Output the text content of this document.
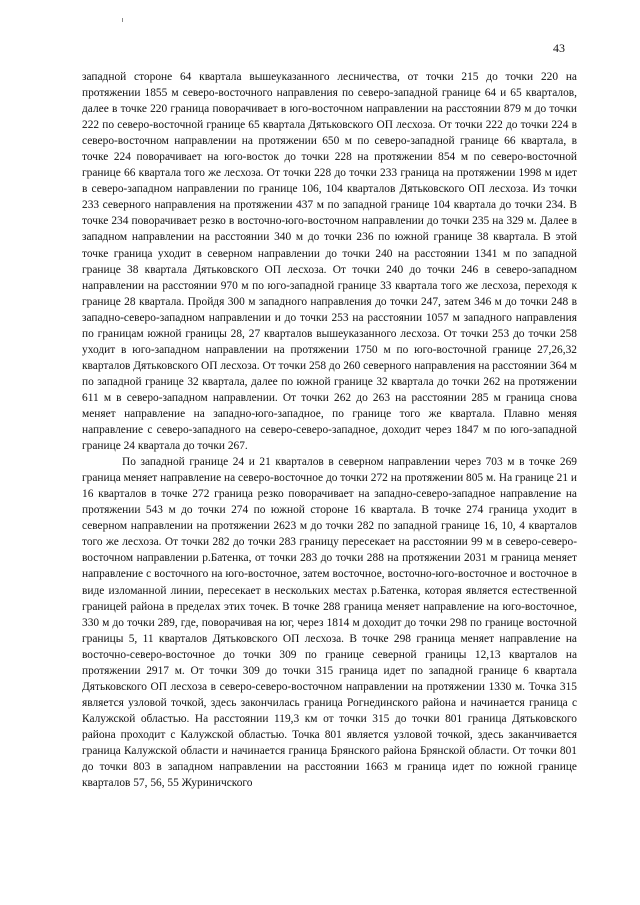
43

западной стороне 64 квартала вышеуказанного лесничества, от точки 215 до точки 220 на протяжении 1855 м северо-восточного направления по северо-западной границе 64 и 65 кварталов, далее в точке 220 граница поворачивает в юго-восточном направлении на расстоянии 879 м до точки 222 по северо-восточной границе 65 квартала Дятьковского ОП лесхоза. От точки 222 до точки 224 в северо-восточном направлении на протяжении 650 м по северо-западной границе 66 квартала, в точке 224 поворачивает на юго-восток до точки 228 на протяжении 854 м по северо-восточной границе 66 квартала того же лесхоза. От точки 228 до точки 233 граница на протяжении 1998 м идет в северо-западном направлении по границе 106, 104 кварталов Дятьковского ОП лесхоза. Из точки 233 северного направления на протяжении 437 м по западной границе 104 квартала до точки 234. В точке 234 поворачивает резко в восточно-юго-восточном направлении до точки 235 на 329 м. Далее в западном направлении на расстоянии 340 м до точки 236 по южной границе 38 квартала. В этой точке граница уходит в северном направлении до точки 240 на расстоянии 1341 м по западной границе 38 квартала Дятьковского ОП лесхоза. От точки 240 до точки 246 в северо-западном направлении на расстоянии 970 м по юго-западной границе 33 квартала того же лесхоза, переходя к границе 28 квартала. Пройдя 300 м западного направления до точки 247, затем 346 м до точки 248 в западно-северо-западном направлении и до точки 253 на расстоянии 1057 м западного направления по границам южной границы 28, 27 кварталов вышеуказанного лесхоза. От точки 253 до точки 258 уходит в юго-западном направлении на протяжении 1750 м по юго-восточной границе 27,26,32 кварталов Дятьковского ОП лесхоза. От точки 258 до 260 северного направления на расстоянии 364 м по западной границе 32 квартала, далее по южной границе 32 квартала до точки 262 на протяжении 611 м в северо-западном направлении. От точки 262 до 263 на расстоянии 285 м граница снова меняет направление на западно-юго-западное, по границе того же квартала. Плавно меняя направление с северо-западного на северо-северо-западное, доходит через 1847 м по юго-западной границе 24 квартала до точки 267.

По западной границе 24 и 21 кварталов в северном направлении через 703 м в точке 269 граница меняет направление на северо-восточное до точки 272 на протяжении 805 м. На границе 21 и 16 кварталов в точке 272 граница резко поворачивает на западно-северо-западное направление на протяжении 543 м до точки 274 по южной стороне 16 квартала. В точке 274 граница уходит в северном направлении на протяжении 2623 м до точки 282 по западной границе 16, 10, 4 кварталов того же лесхоза. От точки 282 до точки 283 границу пересекает на расстоянии 99 м в северо-северо-восточном направлении р.Батенка, от точки 283 до точки 288 на протяжении 2031 м граница меняет направление с восточного на юго-восточное, затем восточное, восточно-юго-восточное и восточное в виде изломанной линии, пересекает в нескольких местах р.Батенка, которая является естественной границей района в пределах этих точек. В точке 288 граница меняет направление на юго-восточное, 330 м до точки 289, где, поворачивая на юг, через 1814 м доходит до точки 298 по границе восточной границы 5, 11 кварталов Дятьковского ОП лесхоза. В точке 298 граница меняет направление на восточно-северо-восточное до точки 309 по границе северной границы 12,13 кварталов на протяжении 2917 м. От точки 309 до точки 315 граница идет по западной границе 6 квартала Дятьковского ОП лесхоза в северо-северо-восточном направлении на протяжении 1330 м. Точка 315 является узловой точкой, здесь закончилась граница Рогнединского района и начинается граница с Калужской областью. На расстоянии 119,3 км от точки 315 до точки 801 граница Дятьковского района проходит с Калужской областью. Точка 801 является узловой точкой, здесь заканчивается граница Калужской области и начинается граница Брянского района Брянской области. От точки 801 до точки 803 в западном направлении на расстоянии 1663 м граница идет по южной границе кварталов 57, 56, 55 Журиничского
